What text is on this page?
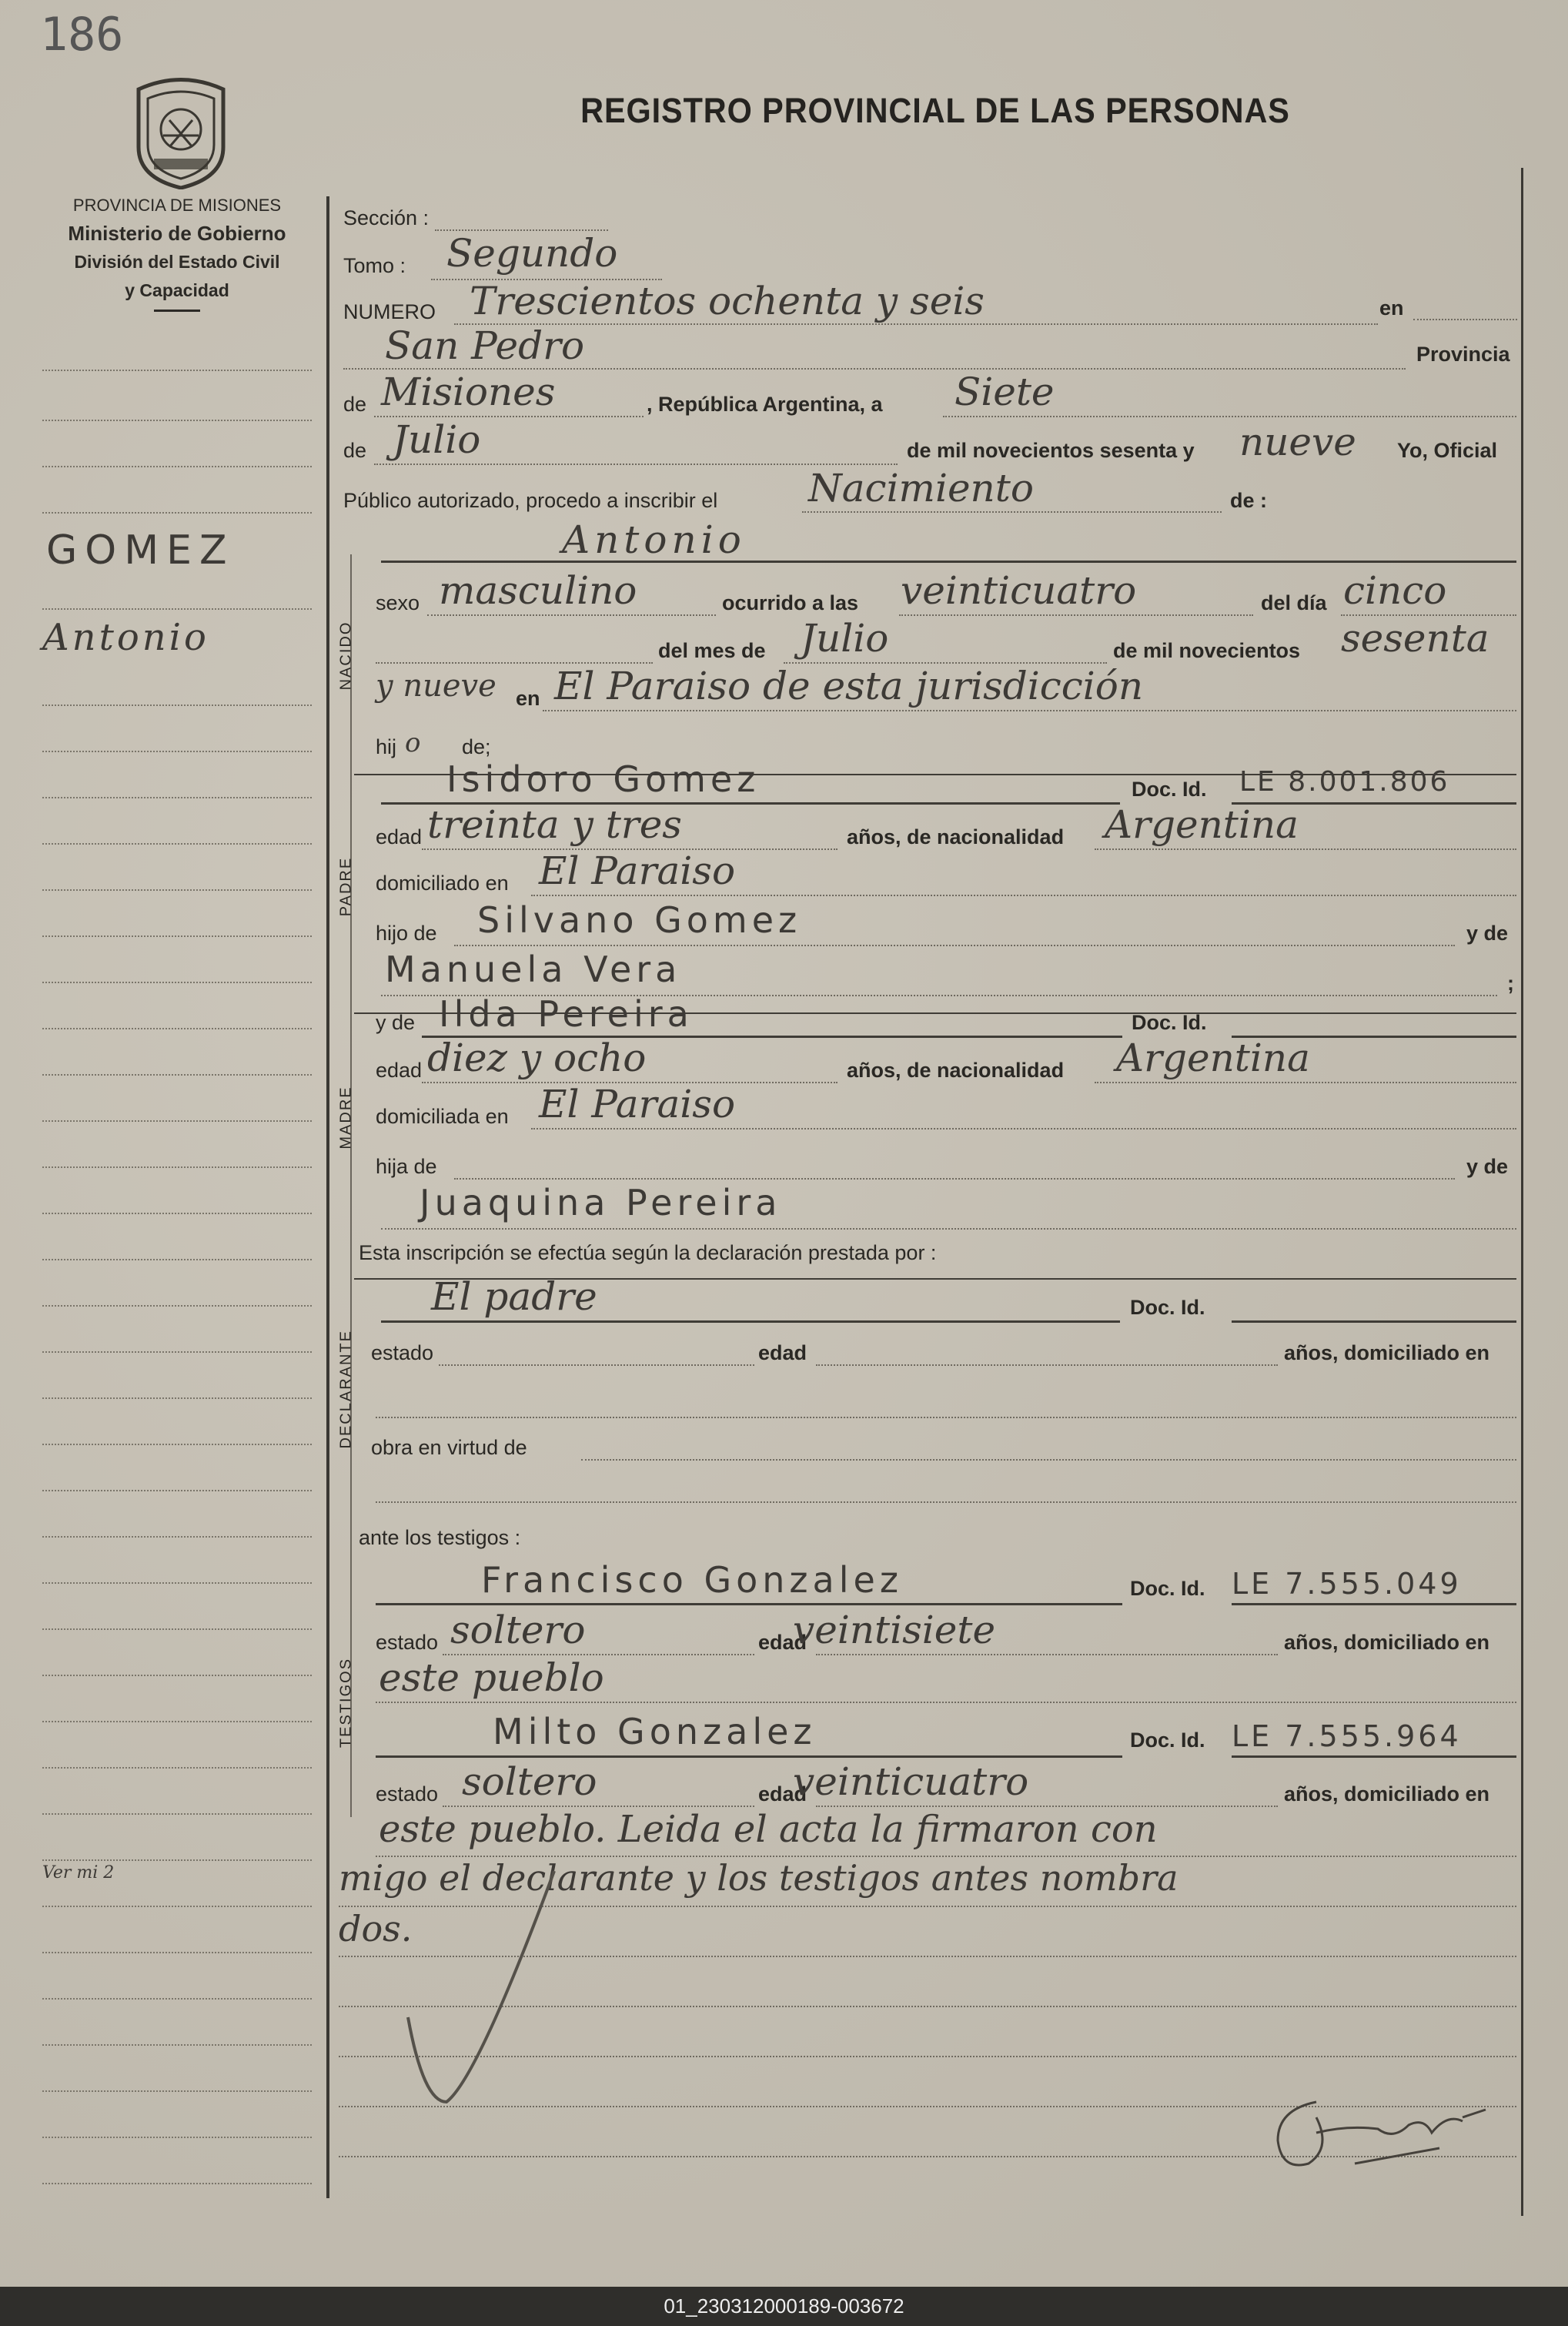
186
PROVINCIA DE MISIONES
Ministerio de Gobierno
División del Estado Civil
y Capacidad
REGISTRO PROVINCIAL DE LAS PERSONAS
GOMEZ
Antonio
Ver mi 2
Sección :
Tomo : Segundo
NUMERO Trescientos ochenta y seis	en
San Pedro	Provincia
de Misiones	, República Argentina, a Siete
de Julio	de mil novecientos sesenta y nueve Yo, Oficial
Público autorizado, procedo a inscribir el Nacimiento	de :
Antonio
NACIDO
sexo masculino	ocurrido a las veinticuatro	del día cinco
del mes de Julio	de mil novecientos sesenta
y nueve en El Paraiso de esta jurisdicción
hij o de;
PADRE
Isidoro Gomez	Doc. Id. LE 8.001.806
edad treinta y tres	años, de nacionalidad Argentina
domiciliado en El Paraiso
hijo de Silvano Gomez	y de
Manuela Vera	;
MADRE
y de Ilda Pereira	Doc. Id.
edad diez y ocho	años, de nacionalidad Argentina
domiciliada en El Paraiso
hija de	y de
Juaquina Pereira
Esta inscripción se efectúa según la declaración prestada por :
DECLARANTE
El padre	Doc. Id.
estado	edad	años, domiciliado en
obra en virtud de
ante los testigos :
TESTIGOS
Francisco Gonzalez	Doc. Id. LE 7.555.049
estado soltero	edad
veintisiete	años, domiciliado en
este pueblo
Milto Gonzalez	Doc. Id. LE 7.555.964
estado soltero	edad
veinticuatro	años, domiciliado en
este pueblo. Leida el acta la firmaron con
migo el declarante y los testigos antes nombra
dos.
01_230312000189-003672
